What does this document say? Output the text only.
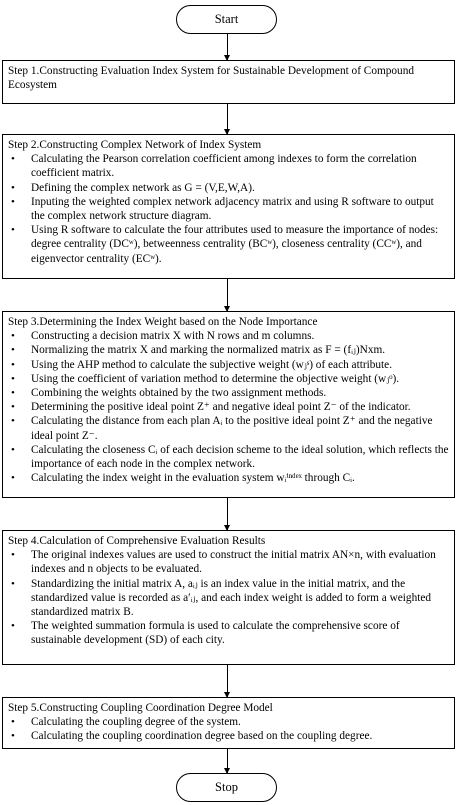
Start

Step 1.Constructing Evaluation Index System for Sustainable Development of Compound Ecosystem

Step 2.Constructing Complex Network of Index System

• Calculating the Pearson correlation coefficient among indexes to form the correlation coefficient matrix.
• Defining the complex network as G = (V,E,W,A).
• Inputing the weighted complex network adjacency matrix and using R software to output the complex network structure diagram.
• Using R software to calculate the four attributes used to measure the importance of nodes: degree centrality (DCʷ), betweenness centrality (BCʷ), closeness centrality (CCʷ), and eigenvector centrality (ECʷ).

Step 3.Determining the Index Weight based on the Node Importance

• Constructing a decision matrix X with N rows and m columns.
• Normalizing the matrix X and marking the normalized matrix as F = (fᵢⱼ)Nxm.
• Using the AHP method to calculate the subjective weight (wⱼˢ) of each attribute.
• Using the coefficient of variation method to determine the objective weight (wⱼᵒ).
• Combining the weights obtained by the two assignment methods.
• Determining the positive ideal point Z⁺ and negative ideal point Z⁻ of the indicator.
• Calculating the distance from each plan Aᵢ to the positive ideal point Z⁺ and the negative ideal point Z⁻.
• Calculating the closeness Cᵢ of each decision scheme to the ideal solution, which reflects the importance of each node in the complex network.
• Calculating the index weight in the evaluation system wᵢⁱⁿᵈᵉˣ through Cᵢ.

Step 4.Calculation of Comprehensive Evaluation Results

• The original indexes values are used to construct the initial matrix AN×n, with evaluation indexes and n objects to be evaluated.
• Standardizing the initial matrix A, aᵢⱼ is an index value in the initial matrix, and the standardized value is recorded as a′ᵢⱼ, and each index weight is added to form a weighted standardized matrix B.
• The weighted summation formula is used to calculate the comprehensive score of sustainable development (SD) of each city.

Step 5.Constructing Coupling Coordination Degree Model

• Calculating the coupling degree of the system.
• Calculating the coupling coordination degree based on the coupling degree.
Stop
